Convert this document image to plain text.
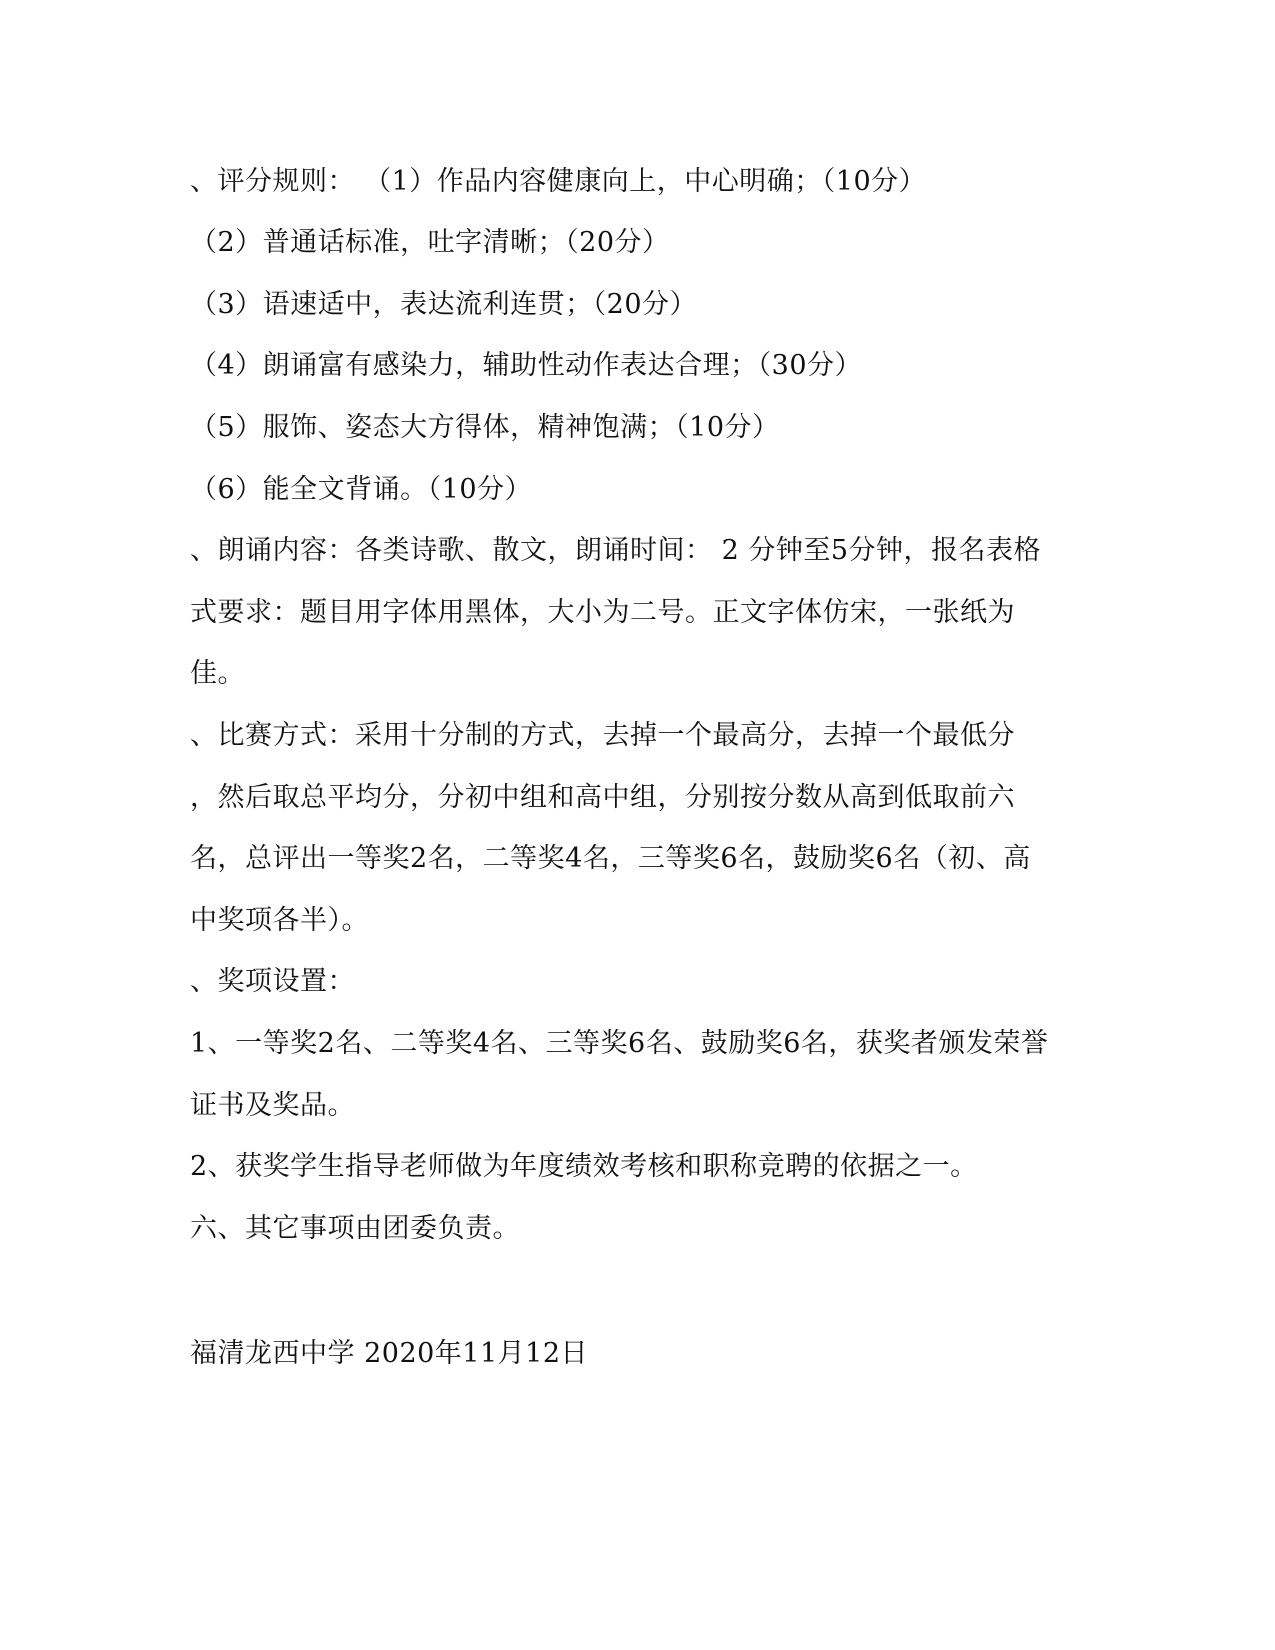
、评分规则： （1）作品内容健康向上，中心明确；（10分）
（2）普通话标准，吐字清晰；（20分）
（3）语速适中，表达流利连贯；（20分）
（4）朗诵富有感染力，辅助性动作表达合理；（30分）
（5）服饰、姿态大方得体，精神饱满；（10分）
（6）能全文背诵。（10分）
、朗诵内容：各类诗歌、散文，朗诵时间： 2 分钟至5分钟，报名表格
式要求：题目用字体用黑体，大小为二号。正文字体仿宋，一张纸为
佳。
、比赛方式：采用十分制的方式，去掉一个最高分，去掉一个最低分
，然后取总平均分，分初中组和高中组，分别按分数从高到低取前六
名，总评出一等奖2名，二等奖4名，三等奖6名，鼓励奖6名（初、高
中奖项各半）。
、奖项设置：
1、一等奖2名、二等奖4名、三等奖6名、鼓励奖6名，获奖者颁发荣誉
证书及奖品。
2、获奖学生指导老师做为年度绩效考核和职称竞聘的依据之一。
六、其它事项由团委负责。
福清龙西中学 2020年11月12日
